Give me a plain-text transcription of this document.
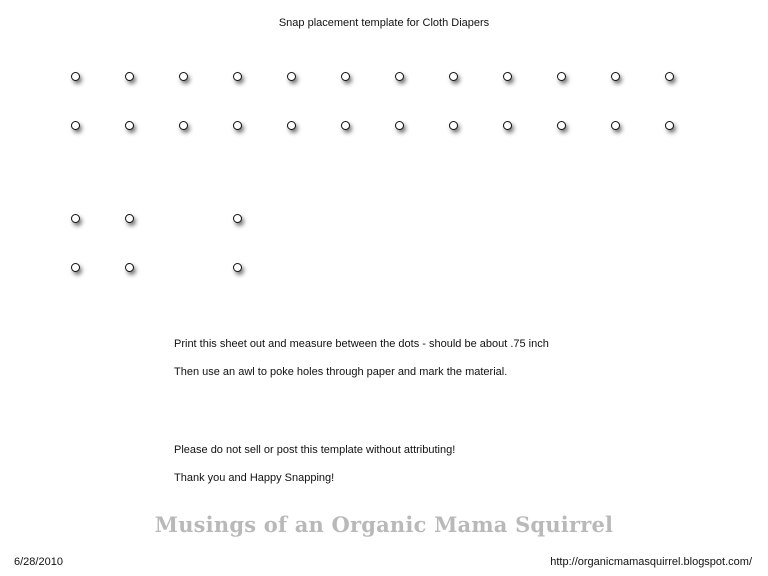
Snap placement template for Cloth Diapers
Print this sheet out and measure between the dots - should be about .75 inch
Then use an awl to poke holes through paper and mark the material.
Please do not sell or post this template without attributing!
Thank you and Happy Snapping!
Musings of an Organic Mama Squirrel
6/28/2010	http://organicmamasquirrel.blogspot.com/
